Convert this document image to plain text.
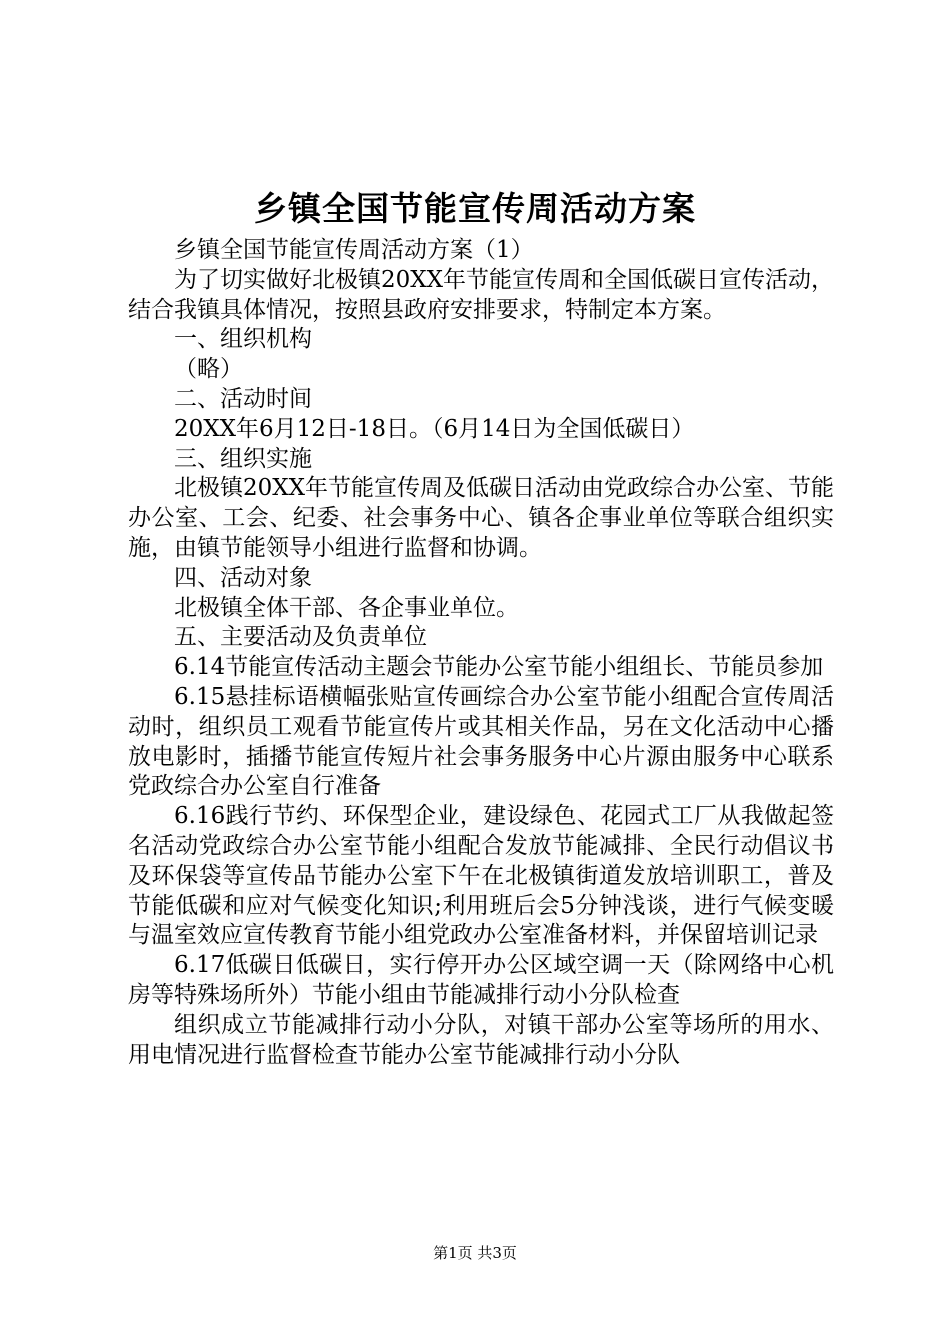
乡镇全国节能宣传周活动方案

乡镇全国节能宣传周活动方案（1）

为了切实做好北极镇20XX年节能宣传周和全国低碳日宣传活动，结合我镇具体情况，按照县政府安排要求，特制定本方案。

一、组织机构

（略）

二、活动时间

20XX年6月12日-18日。（6月14日为全国低碳日）

三、组织实施

北极镇20XX年节能宣传周及低碳日活动由党政综合办公室、节能办公室、工会、纪委、社会事务中心、镇各企事业单位等联合组织实施，由镇节能领导小组进行监督和协调。

四、活动对象

北极镇全体干部、各企事业单位。

五、主要活动及负责单位

6.14节能宣传活动主题会节能办公室节能小组组长、节能员参加

6.15悬挂标语横幅张贴宣传画综合办公室节能小组配合宣传周活动时，组织员工观看节能宣传片或其相关作品，另在文化活动中心播放电影时，插播节能宣传短片社会事务服务中心片源由服务中心联系党政综合办公室自行准备

6.16践行节约、环保型企业，建设绿色、花园式工厂从我做起签名活动党政综合办公室节能小组配合发放节能减排、全民行动倡议书及环保袋等宣传品节能办公室下午在北极镇街道发放培训职工，普及节能低碳和应对气候变化知识;利用班后会5分钟浅谈，进行气候变暖与温室效应宣传教育节能小组党政办公室准备材料，并保留培训记录

6.17低碳日低碳日，实行停开办公区域空调一天（除网络中心机房等特殊场所外）节能小组由节能减排行动小分队检查

组织成立节能减排行动小分队，对镇干部办公室等场所的用水、用电情况进行监督检查节能办公室节能减排行动小分队

第1页 共3页
